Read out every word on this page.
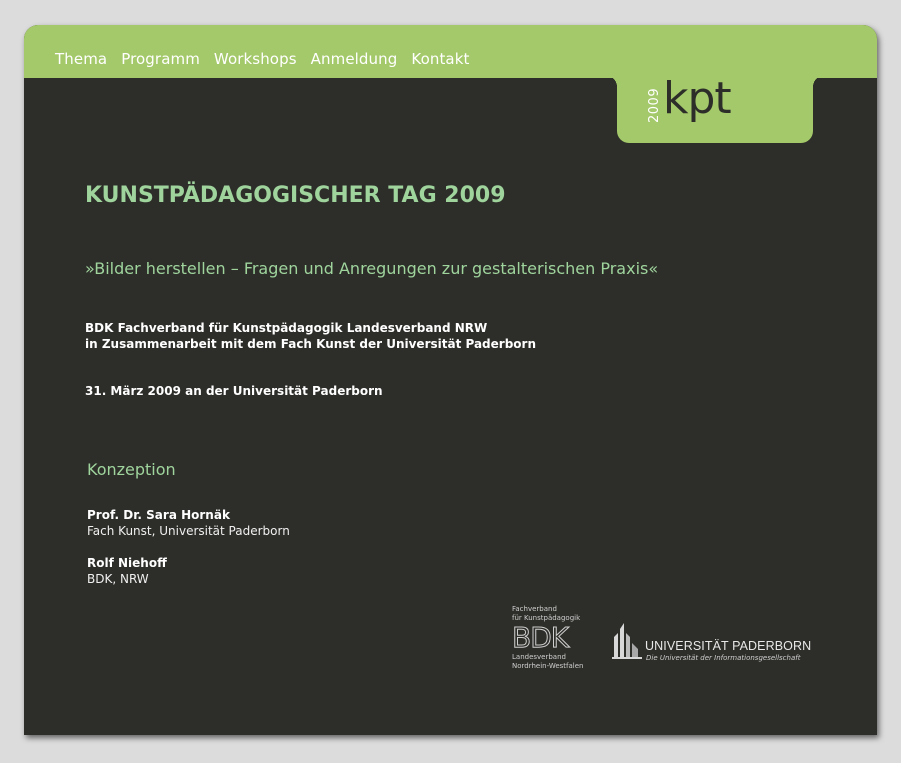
Thema Programm Workshops Anmeldung Kontakt
2009 kpt
KUNSTPÄDAGOGISCHER TAG 2009

»Bilder herstellen – Fragen und Anregungen zur gestalterischen Praxis«

BDK Fachverband für Kunstpädagogik Landesverband NRW
in Zusammenarbeit mit dem Fach Kunst der Universität Paderborn
31. März 2009 an der Universität Paderborn
Konzeption
Prof. Dr. Sara Hornäk
Fach Kunst, Universität Paderborn
Rolf Niehoff
BDK, NRW
Fachverband
für Kunstpädagogik
BDK
Landesverband
Nordrhein-Westfalen
UNIVERSITÄT PADERBORN
Die Universität der Informationsgesellschaft
